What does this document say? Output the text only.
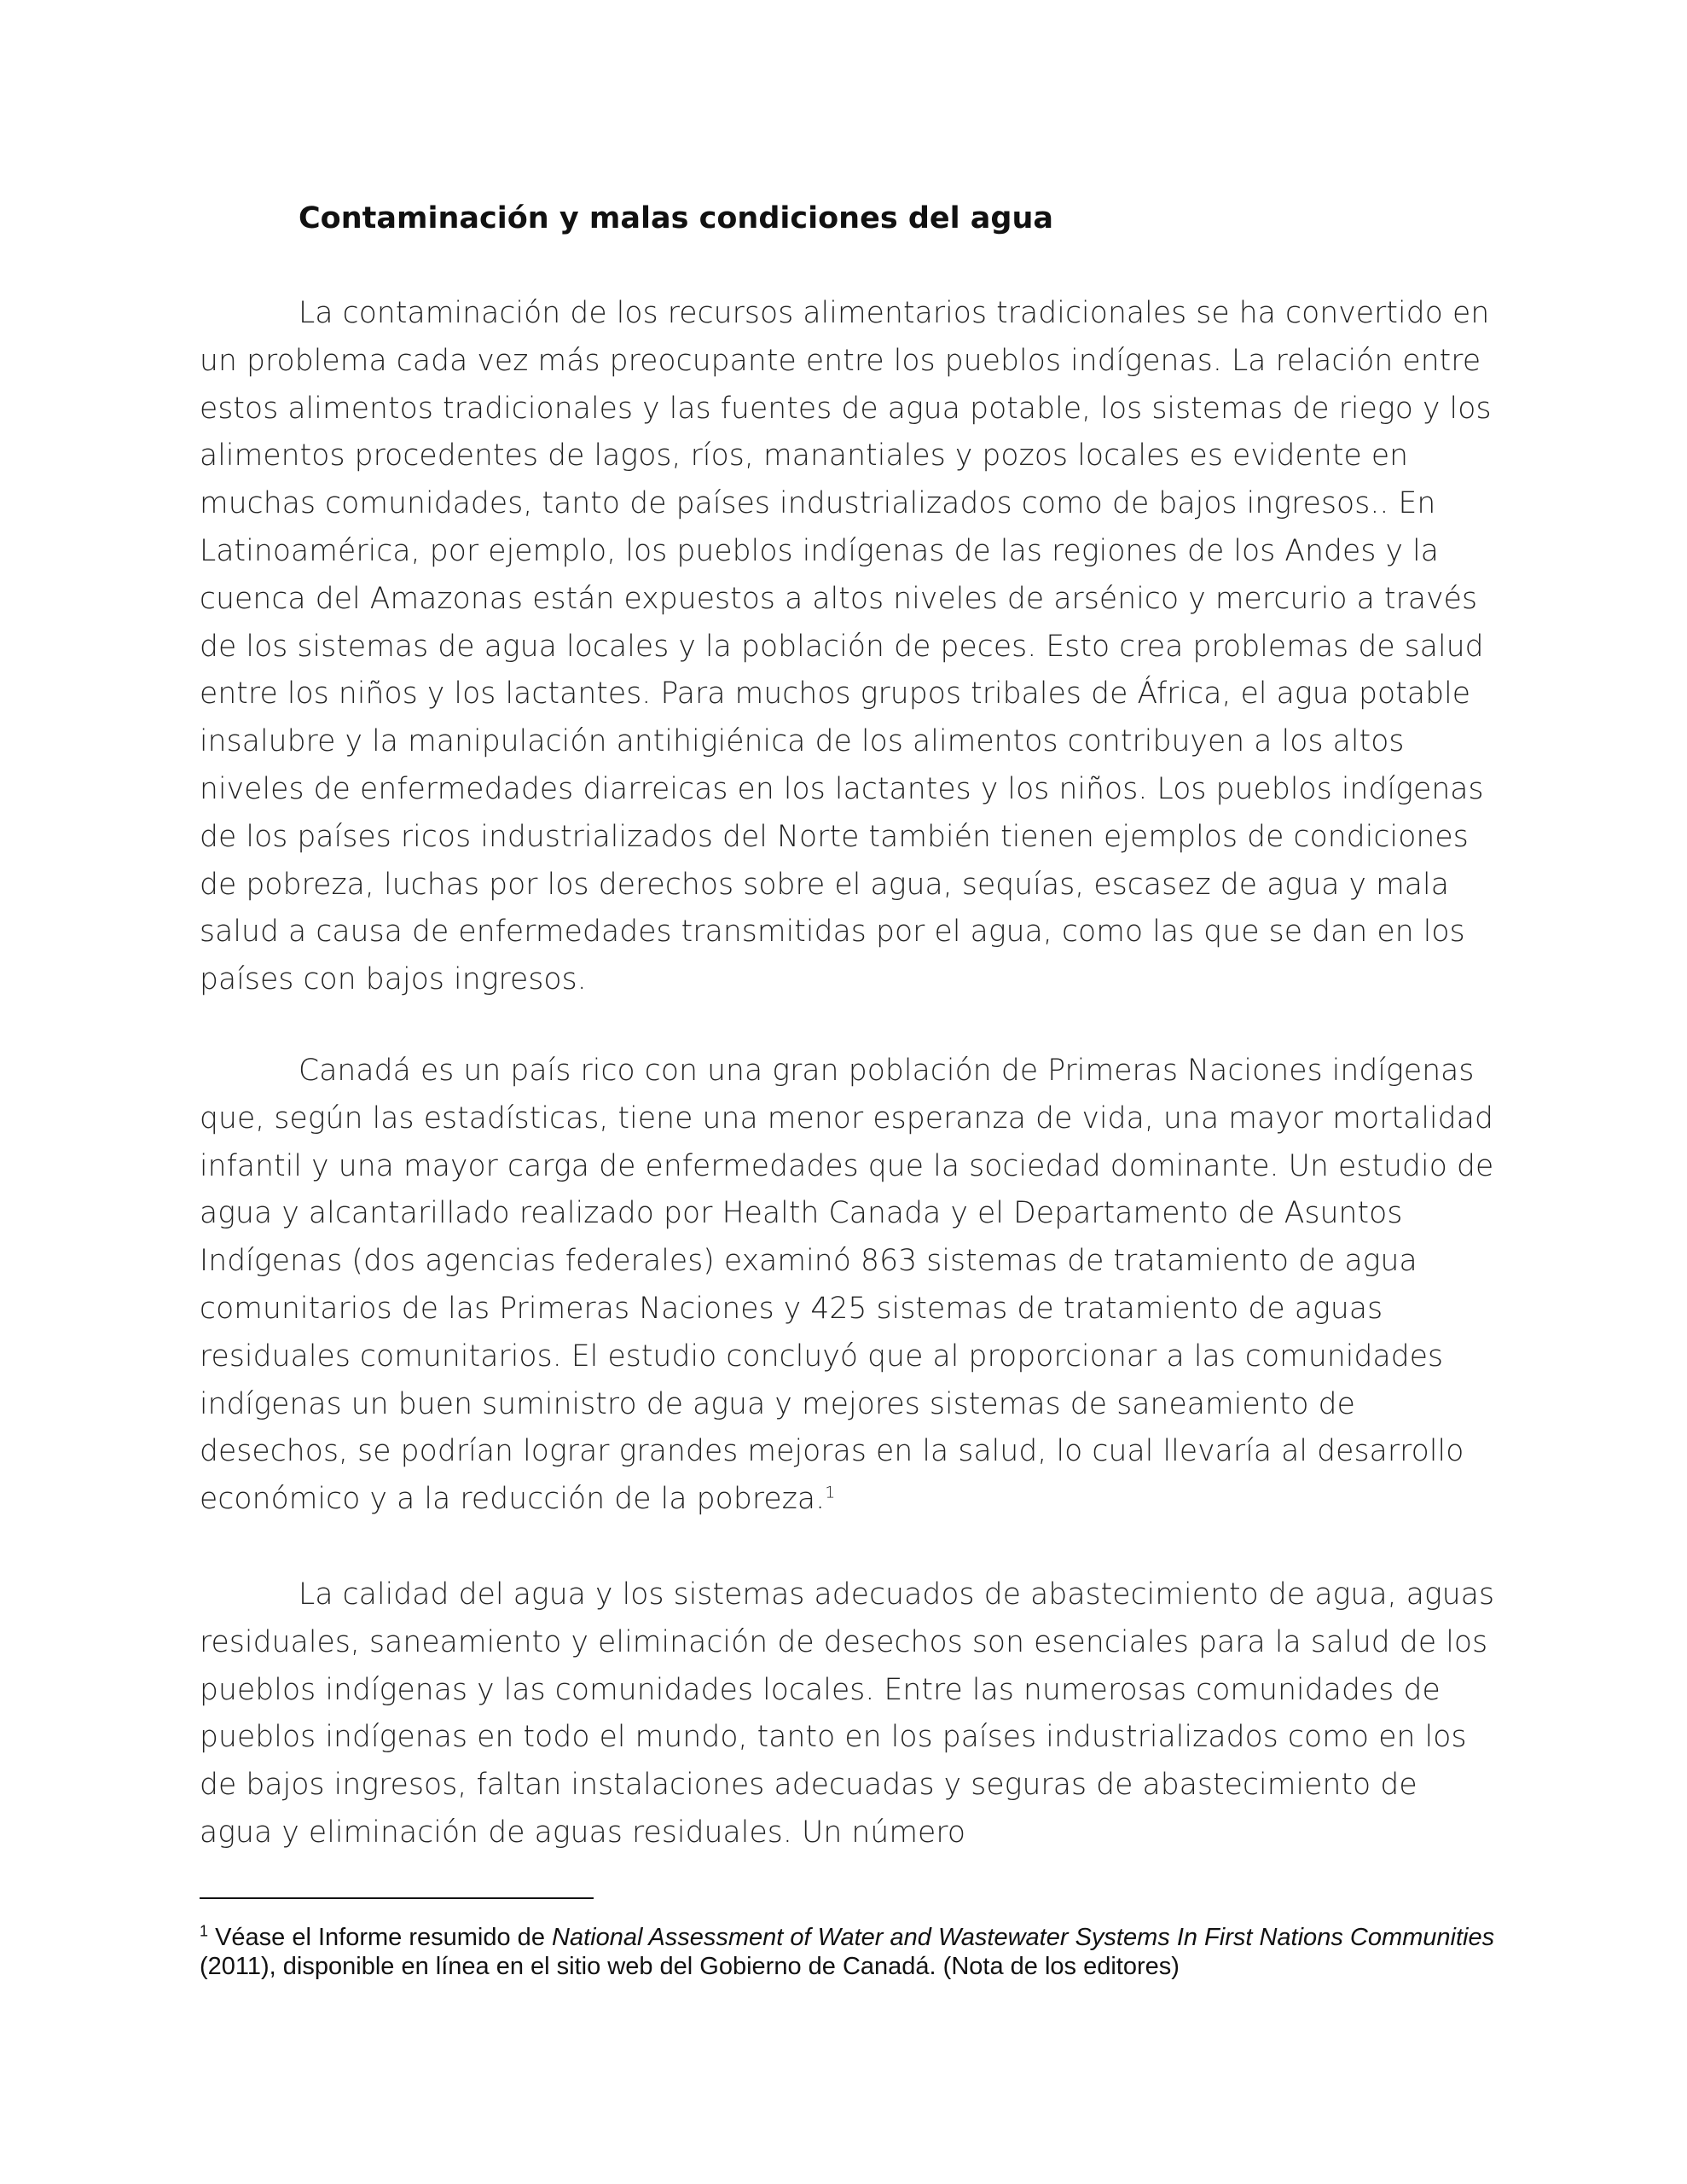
Contaminación y malas condiciones del agua

La contaminación de los recursos alimentarios tradicionales se ha convertido en un problema cada vez más preocupante entre los pueblos indígenas. La relación entre estos alimentos tradicionales y las fuentes de agua potable, los sistemas de riego y los alimentos procedentes de lagos, ríos, manantiales y pozos locales es evidente en muchas comunidades, tanto de países industrializados como de bajos ingresos.. En Latinoamérica, por ejemplo, los pueblos indígenas de las regiones de los Andes y la cuenca del Amazonas están expuestos a altos niveles de arsénico y mercurio a través de los sistemas de agua locales y la población de peces. Esto crea problemas de salud entre los niños y los lactantes. Para muchos grupos tribales de África, el agua potable insalubre y la manipulación antihigiénica de los alimentos contribuyen a los altos niveles de enfermedades diarreicas en los lactantes y los niños. Los pueblos indígenas de los países ricos industrializados del Norte también tienen ejemplos de condiciones de pobreza, luchas por los derechos sobre el agua, sequías, escasez de agua y mala salud a causa de enfermedades transmitidas por el agua, como las que se dan en los países con bajos ingresos.

Canadá es un país rico con una gran población de Primeras Naciones indígenas que, según las estadísticas, tiene una menor esperanza de vida, una mayor mortalidad infantil y una mayor carga de enfermedades que la sociedad dominante. Un estudio de agua y alcantarillado realizado por Health Canada y el Departamento de Asuntos Indígenas (dos agencias federales) examinó 863 sistemas de tratamiento de agua comunitarios de las Primeras Naciones y 425 sistemas de tratamiento de aguas residuales comunitarios. El estudio concluyó que al proporcionar a las comunidades indígenas un buen suministro de agua y mejores sistemas de saneamiento de desechos, se podrían lograr grandes mejoras en la salud, lo cual llevaría al desarrollo económico y a la reducción de la pobreza.$^1$

La calidad del agua y los sistemas adecuados de abastecimiento de agua, aguas residuales, saneamiento y eliminación de desechos son esenciales para la salud de los pueblos indígenas y las comunidades locales. Entre las numerosas comunidades de pueblos indígenas en todo el mundo, tanto en los países industrializados como en los de bajos ingresos, faltan instalaciones adecuadas y seguras de abastecimiento de agua y eliminación de aguas residuales. Un número

$^1$ Véase el Informe resumido de National Assessment of Water and Wastewater Systems In First Nations Communities (2011), disponible en línea en el sitio web del Gobierno de Canadá. (Nota de los editores)
